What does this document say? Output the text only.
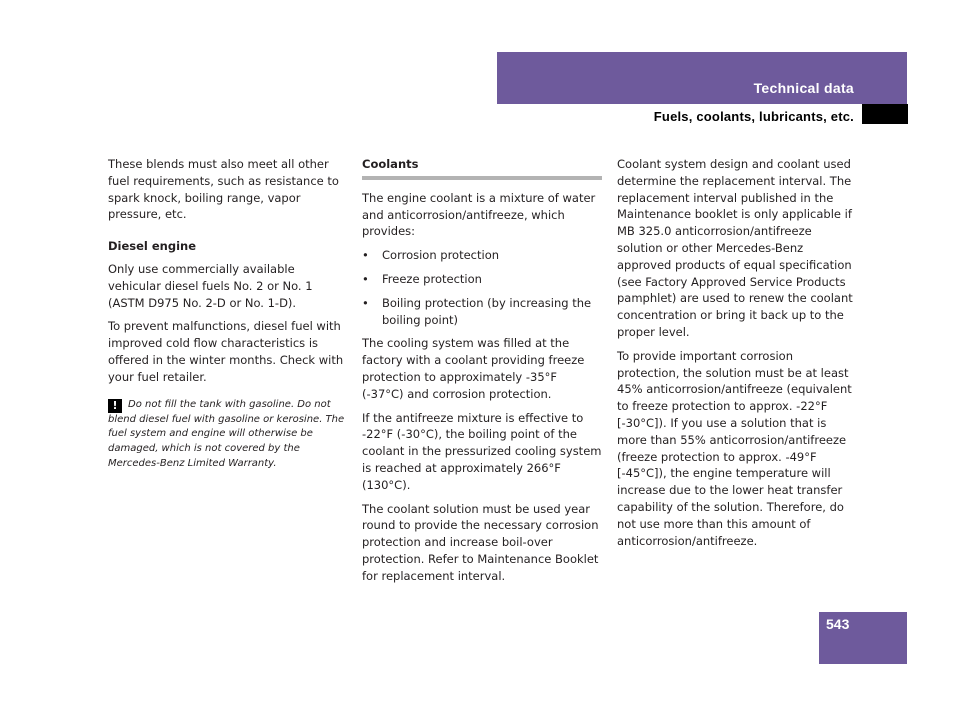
Technical data
Fuels, coolants, lubricants, etc.

These blends must also meet all other fuel requirements, such as resistance to spark knock, boiling range, vapor pressure, etc.

Diesel engine

Only use commercially available vehicular diesel fuels No. 2 or No. 1 (ASTM D975 No. 2-D or No. 1-D).

To prevent malfunctions, diesel fuel with improved cold flow characteristics is offered in the winter months. Check with your fuel retailer.

! Do not fill the tank with gasoline. Do not blend diesel fuel with gasoline or kerosine. The fuel system and engine will otherwise be damaged, which is not covered by the Mercedes-Benz Limited Warranty.
Coolants

The engine coolant is a mixture of water and anticorrosion/antifreeze, which provides:

• Corrosion protection
• Freeze protection
• Boiling protection (by increasing the boiling point)

The cooling system was filled at the factory with a coolant providing freeze protection to approximately -35°F (-37°C) and corrosion protection.

If the antifreeze mixture is effective to -22°F (-30°C), the boiling point of the coolant in the pressurized cooling system is reached at approximately 266°F (130°C).

The coolant solution must be used year round to provide the necessary corrosion protection and increase boil-over protection. Refer to Maintenance Booklet for replacement interval.

Coolant system design and coolant used determine the replacement interval. The replacement interval published in the Maintenance booklet is only applicable if MB 325.0 anticorrosion/antifreeze solution or other Mercedes-Benz approved products of equal specification (see Factory Approved Service Products pamphlet) are used to renew the coolant concentration or bring it back up to the proper level.

To provide important corrosion protection, the solution must be at least 45% anticorrosion/antifreeze (equivalent to freeze protection to approx. -22°F [-30°C]). If you use a solution that is more than 55% anticorrosion/antifreeze (freeze protection to approx. -49°F [-45°C]), the engine temperature will increase due to the lower heat transfer capability of the solution. Therefore, do not use more than this amount of anticorrosion/antifreeze.

543
